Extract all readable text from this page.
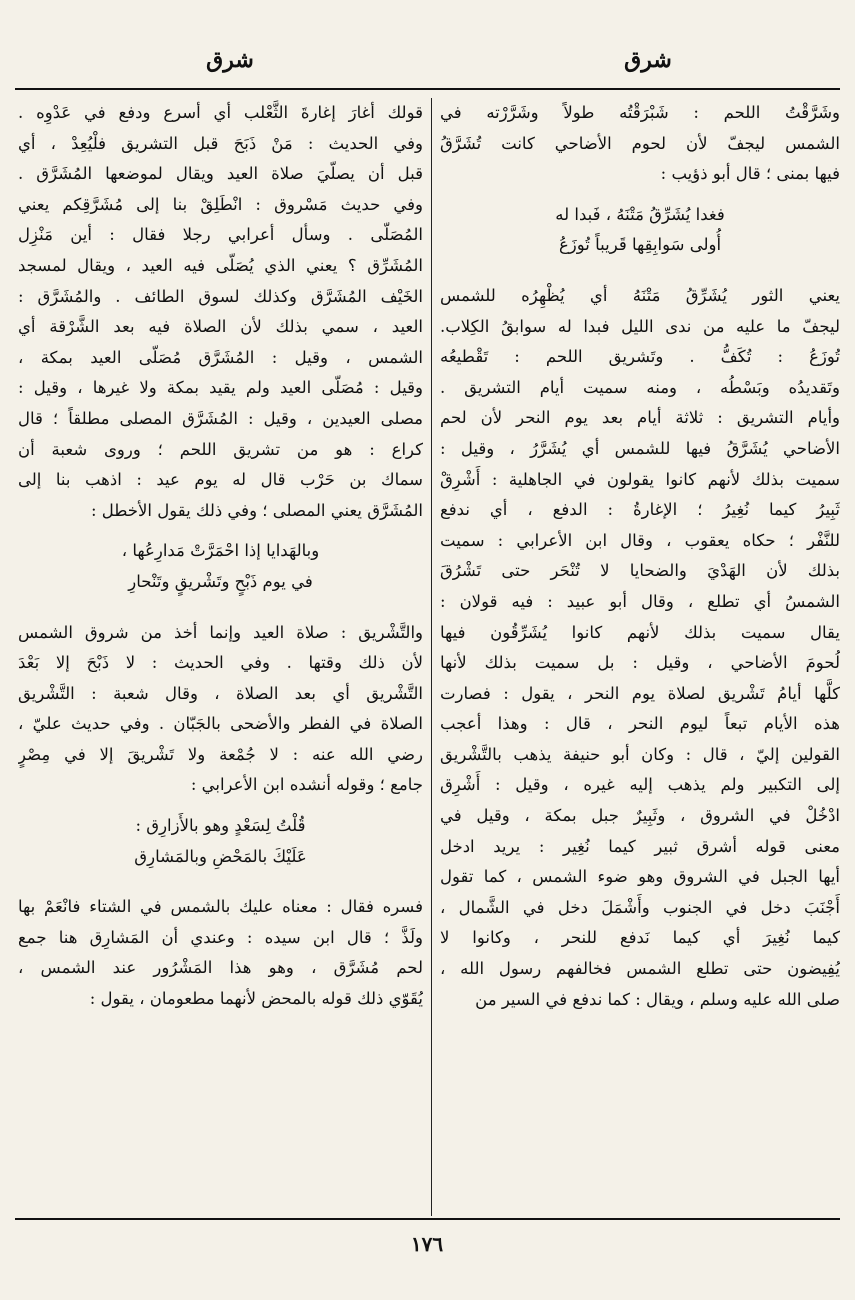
شرق
شرق
وشَرَّقْتُ اللحم : شَبْرَقْتُه طولاً وشَرَّرْته في
الشمس ليجفّ لأن لحوم الأضاحي كانت تُشَرَّقُ
فيها بمنى ؛ قال أبو ذؤيب :
فغدا يُشَرِّقُ مَتْنَهُ ، فَبدا له
أُولى سَوابِقِها قَريباً تُوزَعُ
يعني الثور يُشَرِّقُ مَتْنَهُ أي يُظْهِرُه للشمس
ليجفّ ما عليه من ندى الليل فبدا له سوابقُ الكِلاب.
تُوزَعُ : تُكَفُّ . وتَشريق اللحم : تَقْطيعُه
وتَقديدُه وبَسْطُه ، ومنه سميت أيام التشريق .
وأيام التشريق : ثلاثة أيام بعد يوم النحر لأن لحم
الأضاحي يُشَرَّقُ فيها للشمس أي يُشَرَّرُ ، وقيل :
سميت بذلك لأنهم كانوا يقولون في الجاهلية : أَشْرِقْ
ثَبِيرُ كيما نُغِيرُ ؛ الإغارةُ : الدفع ، أي ندفع
للنَّفْر ؛ حكاه يعقوب ، وقال ابن الأعرابي : سميت
بذلك لأن الهَدْيَ والضحايا لا تُنْحَر حتى تَشْرُقَ
الشمسُ أي تطلع ، وقال أبو عبيد : فيه قولان :
يقال سميت بذلك لأنهم كانوا يُشَرِّقُون فيها
لُحومَ الأضاحي ، وقيل : بل سميت بذلك لأنها
كلَّها أيامُ تَشْريق لصلاة يوم النحر ، يقول : فصارت
هذه الأيام تبعاً ليوم النحر ، قال : وهذا أعجب
القولين إليّ ، قال : وكان أبو حنيفة يذهب بالتَّشْريق
إلى التكبير ولم يذهب إليه غيره ، وقيل : أَشْرِق
ادْخُلْ في الشروق ، وثَبِيرٌ جبل بمكة ، وقيل في
معنى قوله أشرق ثبير كيما نُغِير : يريد ادخل
أيها الجبل في الشروق وهو ضوء الشمس ، كما تقول
أَجْنَبَ دخل في الجنوب وأَشْمَلَ دخل في الشَّمال ،
كيما نُغِيرَ أي كيما نَدفع للنحر ، وكانوا لا
يُفِيضون حتى تطلع الشمس فخالفهم رسول الله ،
صلى الله عليه وسلم ، ويقال : كما ندفع في السير من
قولك أغارَ إغارةَ الثَّعْلب أي أسرع ودفع في عَدْوِه .
وفي الحديث : مَنْ ذَبَحَ قبل التشريق فلْيُعِدْ ، أي
قبل أن يصلّيَ صلاة العيد ويقال لموضعها المُشَرَّق .
وفي حديث مَسْروق : انْطَلِقْ بنا إلى مُشَرَّقِكم يعني
المُصَلّى . وسأل أعرابي رجلا فقال : أين مَنْزِل
المُشَرِّق ؟ يعني الذي يُصَلّى فيه العيد ، ويقال لمسجد
الخَيْف المُشَرَّق وكذلك لسوق الطائف . والمُشَرَّق :
العيد ، سمي بذلك لأن الصلاة فيه بعد الشَّرْقة أي
الشمس ، وقيل : المُشَرَّق مُصَلّى العيد بمكة ،
وقيل : مُصَلّى العيد ولم يقيد بمكة ولا غيرها ، وقيل :
مصلى العيدين ، وقيل : المُشَرَّق المصلى مطلقاً ؛ قال
كراع : هو من تشريق اللحم ؛ وروى شعبة أن
سماك بن حَرْب قال له يوم عيد : اذهب بنا إلى
المُشَرَّق يعني المصلى ؛ وفي ذلك يقول الأخطل :
وبالهَدايا إذا احْمَرَّتْ مَدارِعُها ،
في يوم ذَبْحٍ وتَشْريقٍ وتَنْحارِ
والتَّشْريق : صلاة العيد وإنما أخذ من شروق الشمس
لأن ذلك وقتها . وفي الحديث : لا ذَبْحَ إلا بَعْدَ
التَّشْريق أي بعد الصلاة ، وقال شعبة : التَّشْريق
الصلاة في الفطر والأضحى بالجَبّان . وفي حديث عليّ ،
رضي الله عنه : لا جُمْعة ولا تَشْريقَ إلا في مِصْرٍ
جامع ؛ وقوله أنشده ابن الأعرابي :
قُلْتُ لِسَعْدٍ وهو بالأَزارِق :
عَلَيْكَ بالمَحْضِ وبالمَشارِق
فسره فقال : معناه عليك بالشمس في الشتاء فانْعَمْ بها
ولَذَّ ؛ قال ابن سيده : وعندي أن المَشارِق هنا جمع
لحم مُشَرَّق ، وهو هذا المَشْرُور عند الشمس ،
يُقَوّي ذلك قوله بالمحض لأنهما مطعومان ، يقول :
١٧٦
